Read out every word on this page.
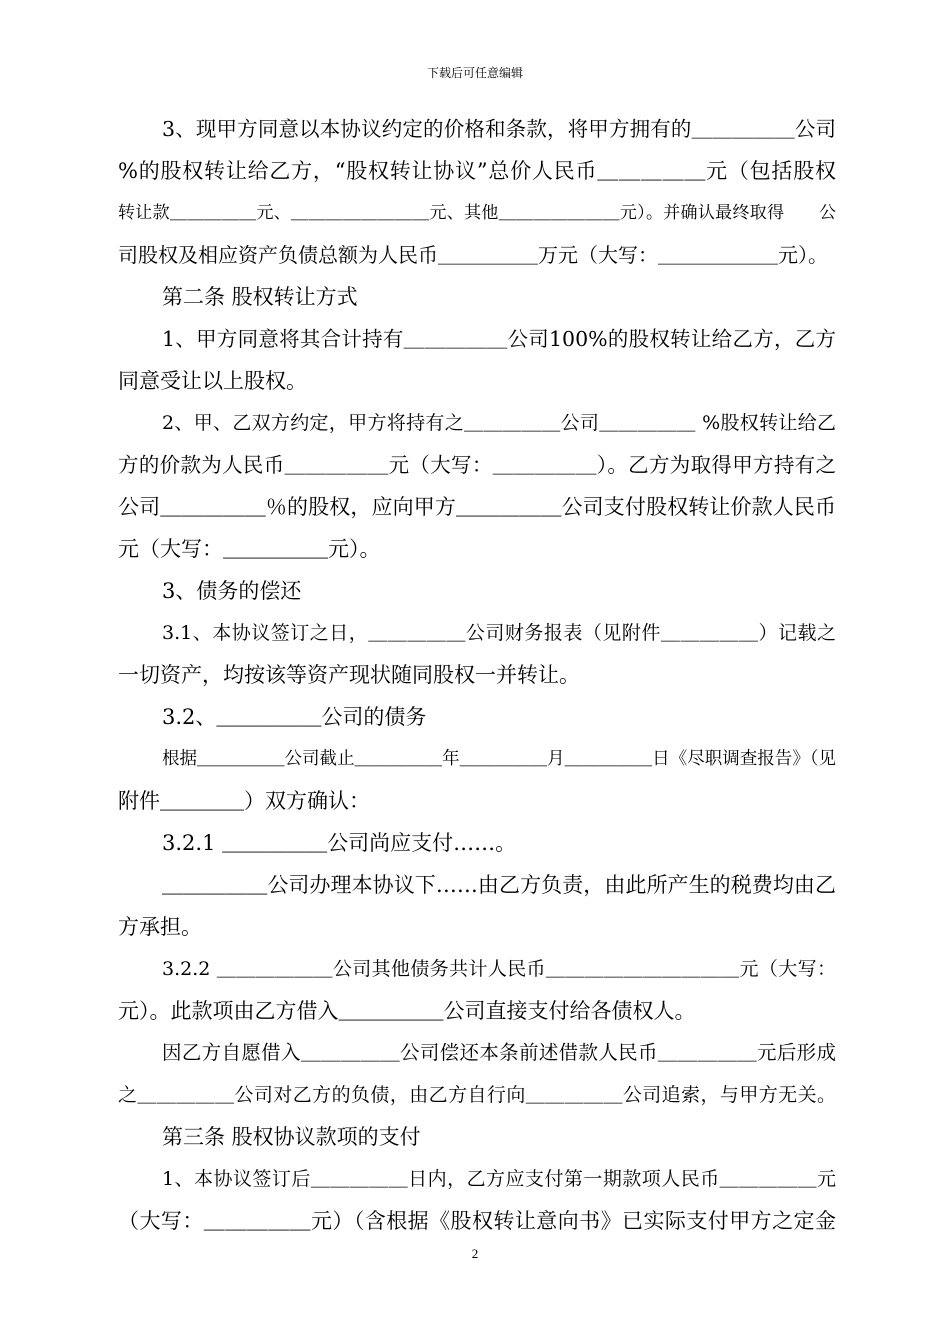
下载后可任意编辑
3、现甲方同意以本协议约定的价格和条款，将甲方拥有的＿＿＿＿＿公司
%的股权转让给乙方，“股权转让协议”总价人民币＿＿＿＿＿元（包括股权
转让款＿＿＿＿＿元、＿＿＿＿＿＿＿＿元、其他＿＿＿＿＿＿＿元）。并确认最终取得　　公
司股权及相应资产负债总额为人民币＿＿＿＿＿万元（大写：＿＿＿＿＿＿元）。
第二条 股权转让方式
1、甲方同意将其合计持有＿＿＿＿＿公司100%的股权转让给乙方，乙方
同意受让以上股权。
2、甲、乙双方约定，甲方将持有之＿＿＿＿＿公司＿＿＿＿＿ %股权转让给乙
方的价款为人民币＿＿＿＿＿元（大写：＿＿＿＿＿）。乙方为取得甲方持有之
公司＿＿＿＿＿％的股权，应向甲方＿＿＿＿＿公司支付股权转让价款人民币
元（大写：＿＿＿＿＿元）。
3、债务的偿还
3.1、本协议签订之日，＿＿＿＿＿公司财务报表（见附件＿＿＿＿＿）记载之
一切资产，均按该等资产现状随同股权一并转让。
3.2、＿＿＿＿＿公司的债务
根据＿＿＿＿＿公司截止＿＿＿＿＿年＿＿＿＿＿月＿＿＿＿＿日《尽职调查报告》（见
附件＿＿＿＿）双方确认：
3.2.1 ＿＿＿＿＿公司尚应支付……。
＿＿＿＿＿公司办理本协议下……由乙方负责，由此所产生的税费均由乙
方承担。
3.2.2 ＿＿＿＿＿＿公司其他债务共计人民币＿＿＿＿＿＿＿＿＿＿元（大写：
元）。此款项由乙方借入＿＿＿＿＿公司直接支付给各债权人。
因乙方自愿借入＿＿＿＿＿公司偿还本条前述借款人民币＿＿＿＿＿元后形成
之＿＿＿＿＿公司对乙方的负债，由乙方自行向＿＿＿＿＿公司追索，与甲方无关。
第三条 股权协议款项的支付
1、本协议签订后＿＿＿＿＿日内，乙方应支付第一期款项人民币＿＿＿＿＿元
（大写：＿＿＿＿＿元）（含根据《股权转让意向书》已实际支付甲方之定金
2
